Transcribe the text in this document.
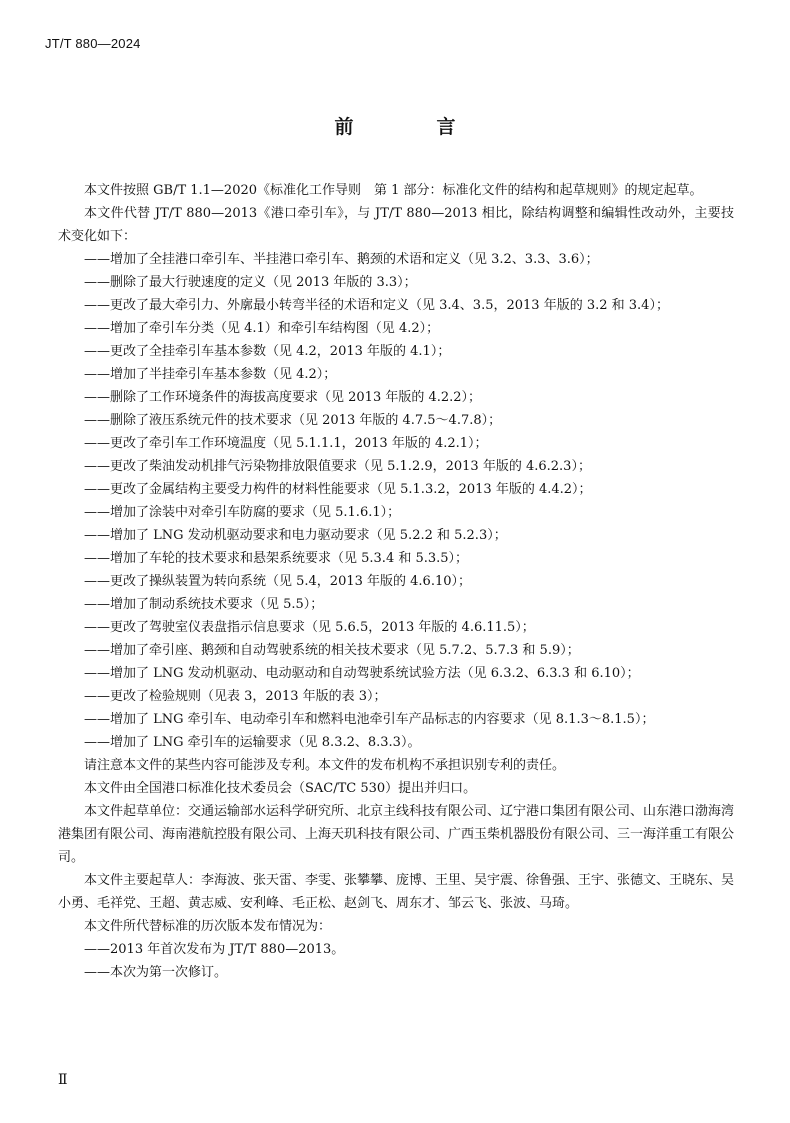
JT/T 880—2024
前　言

本文件按照 GB/T 1.1—2020《标准化工作导则　第 1 部分：标准化文件的结构和起草规则》的规定起草。

本文件代替 JT/T 880—2013《港口牵引车》，与 JT/T 880—2013 相比，除结构调整和编辑性改动外，主要技术变化如下：

——增加了全挂港口牵引车、半挂港口牵引车、鹅颈的术语和定义（见 3.2、3.3、3.6）；

——删除了最大行驶速度的定义（见 2013 年版的 3.3）；

——更改了最大牵引力、外廓最小转弯半径的术语和定义（见 3.4、3.5，2013 年版的 3.2 和 3.4）；

——增加了牵引车分类（见 4.1）和牵引车结构图（见 4.2）；

——更改了全挂牵引车基本参数（见 4.2，2013 年版的 4.1）；

——增加了半挂牵引车基本参数（见 4.2）；

——删除了工作环境条件的海拔高度要求（见 2013 年版的 4.2.2）；

——删除了液压系统元件的技术要求（见 2013 年版的 4.7.5～4.7.8）；

——更改了牵引车工作环境温度（见 5.1.1.1，2013 年版的 4.2.1）；

——更改了柴油发动机排气污染物排放限值要求（见 5.1.2.9，2013 年版的 4.6.2.3）；

——更改了金属结构主要受力构件的材料性能要求（见 5.1.3.2，2013 年版的 4.4.2）；

——增加了涂装中对牵引车防腐的要求（见 5.1.6.1）；

——增加了 LNG 发动机驱动要求和电力驱动要求（见 5.2.2 和 5.2.3）；

——增加了车轮的技术要求和悬架系统要求（见 5.3.4 和 5.3.5）；

——更改了操纵装置为转向系统（见 5.4，2013 年版的 4.6.10）；

——增加了制动系统技术要求（见 5.5）；

——更改了驾驶室仪表盘指示信息要求（见 5.6.5，2013 年版的 4.6.11.5）；

——增加了牵引座、鹅颈和自动驾驶系统的相关技术要求（见 5.7.2、5.7.3 和 5.9）；

——增加了 LNG 发动机驱动、电动驱动和自动驾驶系统试验方法（见 6.3.2、6.3.3 和 6.10）；

——更改了检验规则（见表 3，2013 年版的表 3）；

——增加了 LNG 牵引车、电动牵引车和燃料电池牵引车产品标志的内容要求（见 8.1.3～8.1.5）；

——增加了 LNG 牵引车的运输要求（见 8.3.2、8.3.3）。

请注意本文件的某些内容可能涉及专利。本文件的发布机构不承担识别专利的责任。

本文件由全国港口标准化技术委员会（SAC/TC 530）提出并归口。

本文件起草单位：交通运输部水运科学研究所、北京主线科技有限公司、辽宁港口集团有限公司、山东港口渤海湾港集团有限公司、海南港航控股有限公司、上海天玑科技有限公司、广西玉柴机器股份有限公司、三一海洋重工有限公司。

本文件主要起草人：李海波、张天雷、李雯、张攀攀、庞博、王里、吴宇震、徐鲁强、王宇、张德文、王晓东、吴小勇、毛祥党、王超、黄志威、安利峰、毛正松、赵剑飞、周东才、邹云飞、张波、马琦。

本文件所代替标准的历次版本发布情况为：

——2013 年首次发布为 JT/T 880—2013。

——本次为第一次修订。

Ⅱ
